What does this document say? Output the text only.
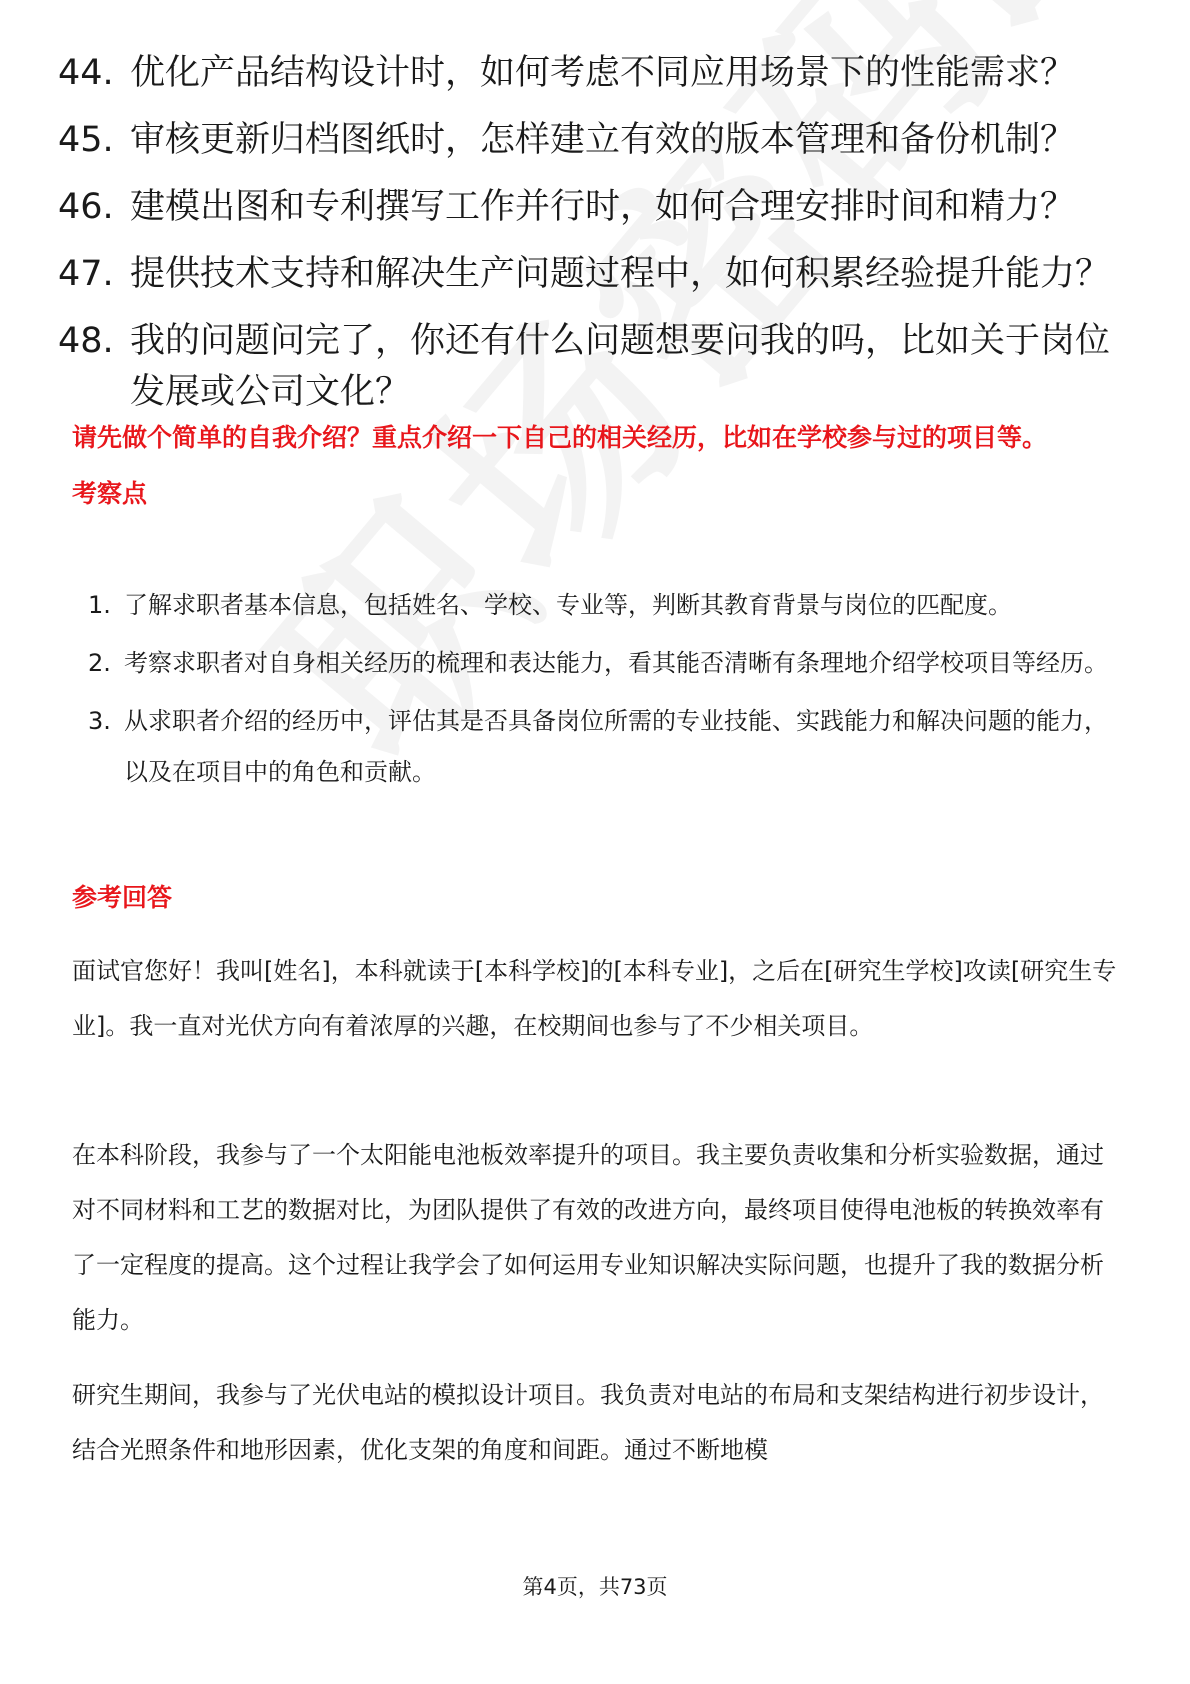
44. 优化产品结构设计时，如何考虑不同应用场景下的性能需求？
45. 审核更新归档图纸时，怎样建立有效的版本管理和备份机制？
46. 建模出图和专利撰写工作并行时，如何合理安排时间和精力？
47. 提供技术支持和解决生产问题过程中，如何积累经验提升能力？
48. 我的问题问完了，你还有什么问题想要问我的吗，比如关于岗位发展或公司文化？
请先做个简单的自我介绍？重点介绍一下自己的相关经历，比如在学校参与过的项目等。
考察点
1. 了解求职者基本信息，包括姓名、学校、专业等，判断其教育背景与岗位的匹配度。
2. 考察求职者对自身相关经历的梳理和表达能力，看其能否清晰有条理地介绍学校项目等经历。
3. 从求职者介绍的经历中，评估其是否具备岗位所需的专业技能、实践能力和解决问题的能力，以及在项目中的角色和贡献。
参考回答

面试官您好！我叫[姓名]，本科就读于[本科学校]的[本科专业]，之后在[研究生学校]攻读[研究生专业]。我一直对光伏方向有着浓厚的兴趣，在校期间也参与了不少相关项目。

在本科阶段，我参与了一个太阳能电池板效率提升的项目。我主要负责收集和分析实验数据，通过对不同材料和工艺的数据对比，为团队提供了有效的改进方向，最终项目使得电池板的转换效率有了一定程度的提高。这个过程让我学会了如何运用专业知识解决实际问题，也提升了我的数据分析能力。

研究生期间，我参与了光伏电站的模拟设计项目。我负责对电站的布局和支架结构进行初步设计，结合光照条件和地形因素，优化支架的角度和间距。通过不断地模

第4页，共73页
